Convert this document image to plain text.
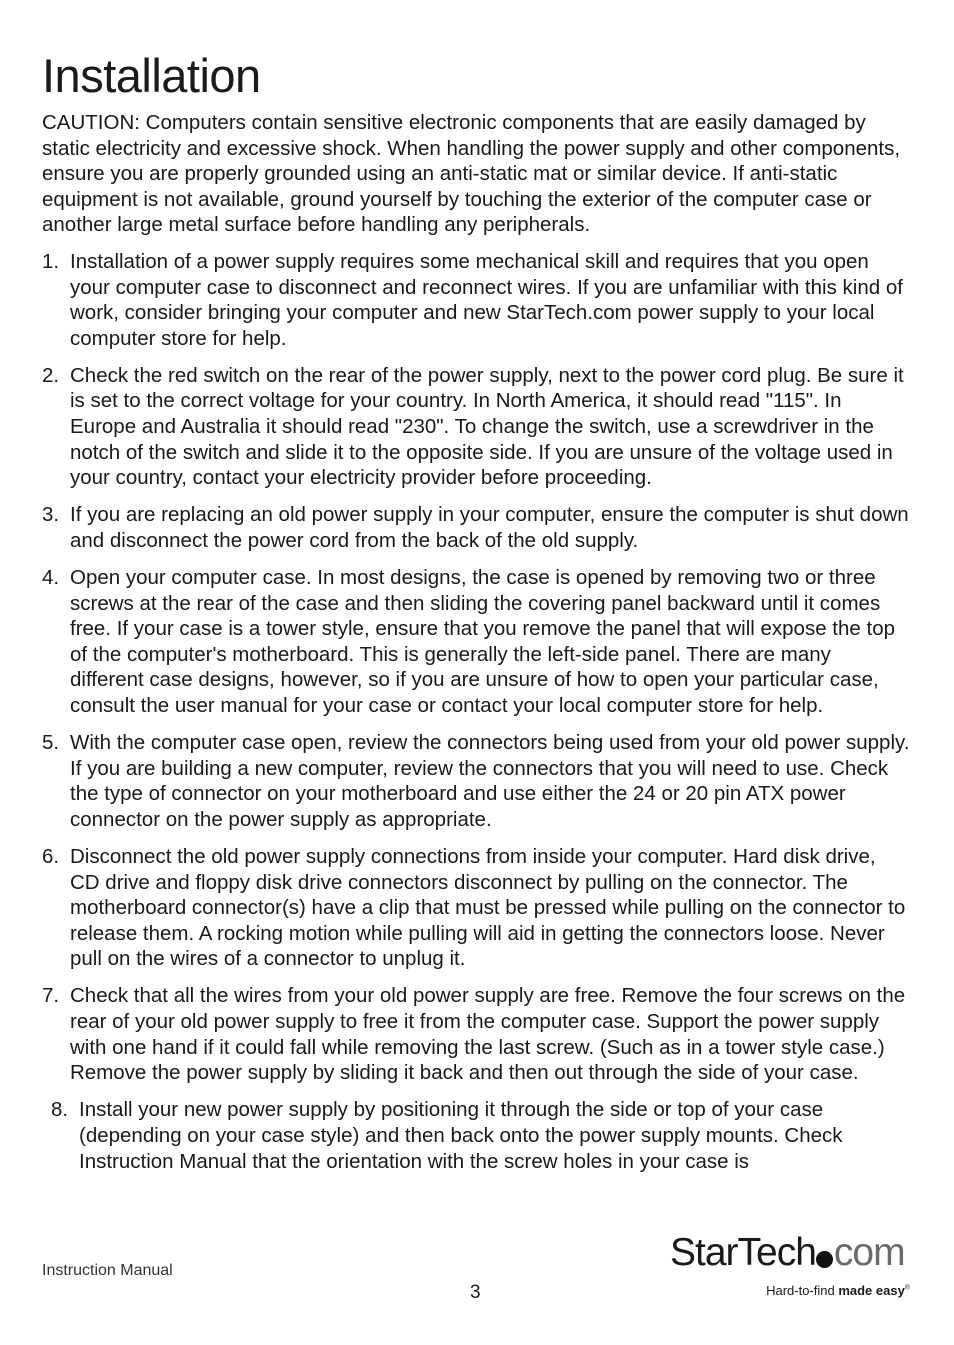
Installation

CAUTION: Computers contain sensitive electronic components that are easily damaged by static electricity and excessive shock. When handling the power supply and other components, ensure you are properly grounded using an anti-static mat or similar device. If anti-static equipment is not available, ground yourself by touching the exterior of the computer case or another large metal surface before handling any peripherals.

1. Installation of a power supply requires some mechanical skill and requires that you open your computer case to disconnect and reconnect wires. If you are unfamiliar with this kind of work, consider bringing your computer and new StarTech.com power supply to your local computer store for help.
2. Check the red switch on the rear of the power supply, next to the power cord plug. Be sure it is set to the correct voltage for your country. In North America, it should read "115". In Europe and Australia it should read "230". To change the switch, use a screwdriver in the notch of the switch and slide it to the opposite side. If you are unsure of the voltage used in your country, contact your electricity provider before proceeding.
3. If you are replacing an old power supply in your computer, ensure the computer is shut down and disconnect the power cord from the back of the old supply.
4. Open your computer case. In most designs, the case is opened by removing two or three screws at the rear of the case and then sliding the covering panel backward until it comes free. If your case is a tower style, ensure that you remove the panel that will expose the top of the computer's motherboard. This is generally the left-side panel. There are many different case designs, however, so if you are unsure of how to open your particular case, consult the user manual for your case or contact your local computer store for help.
5. With the computer case open, review the connectors being used from your old power supply. If you are building a new computer, review the connectors that you will need to use. Check the type of connector on your motherboard and use either the 24 or 20 pin ATX power connector on the power supply as appropriate.
6. Disconnect the old power supply connections from inside your computer. Hard disk drive, CD drive and floppy disk drive connectors disconnect by pulling on the connector. The motherboard connector(s) have a clip that must be pressed while pulling on the connector to release them. A rocking motion while pulling will aid in getting the connectors loose. Never pull on the wires of a connector to unplug it.
7. Check that all the wires from your old power supply are free. Remove the four screws on the rear of your old power supply to free it from the computer case. Support the power supply with one hand if it could fall while removing the last screw. (Such as in a tower style case.) Remove the power supply by sliding it back and then out through the side of your case.
8. Install your new power supply by positioning it through the side or top of your case (depending on your case style) and then back onto the power supply mounts. Check Instruction Manual that the orientation with the screw holes in your case is
Instruction Manual
3
StarTech com
Hard-to-find made easy®
